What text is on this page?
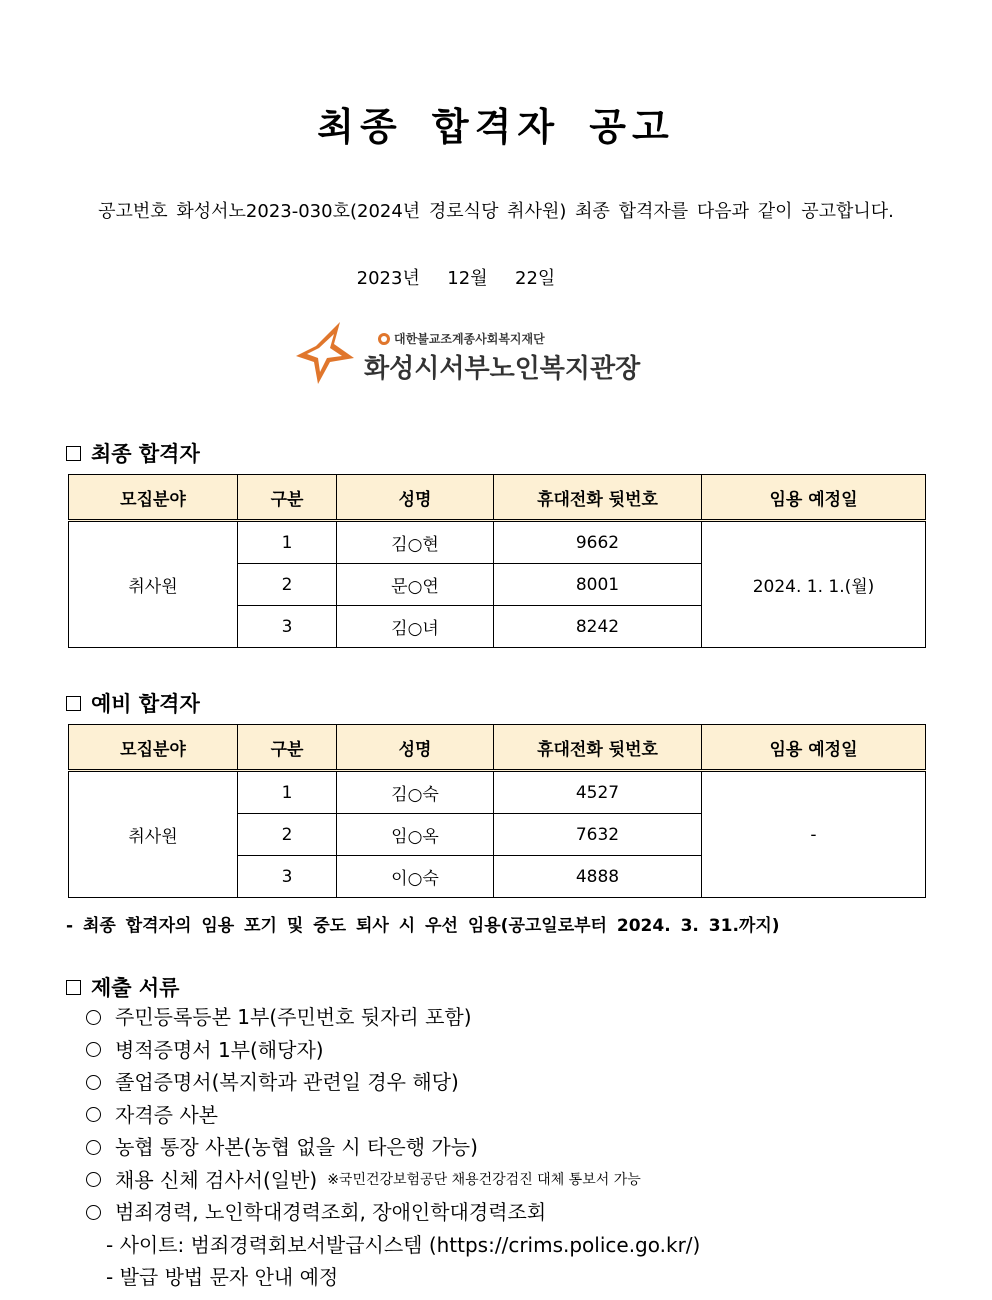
최종 합격자 공고
공고번호 화성서노2023-030호(2024년 경로식당 취사원) 최종 합격자를 다음과 같이 공고합니다.
2023년  12월  22일
대한불교조계종사회복지재단
화성시서부노인복지관장
최종 합격자
모집분야	구분	성명	휴대전화 뒷번호	임용 예정일
취사원	1	김○현	9662	2024. 1. 1.(월)
	2	문○연	8001	
	3	김○녀	8242	
예비 합격자
모집분야	구분	성명	휴대전화 뒷번호	임용 예정일
취사원	1	김○숙	4527	-
	2	임○옥	7632	
	3	이○숙	4888	
- 최종 합격자의 임용 포기 및 중도 퇴사 시 우선 임용(공고일로부터 2024. 3. 31.까지)
제출 서류
주민등록등본 1부(주민번호 뒷자리 포함)
병적증명서 1부(해당자)
졸업증명서(복지학과 관련일 경우 해당)
자격증 사본
농협 통장 사본(농협 없을 시 타은행 가능)
채용 신체 검사서(일반) ※국민건강보험공단 채용건강검진 대체 통보서 가능
범죄경력, 노인학대경력조회, 장애인학대경력조회
- 사이트: 범죄경력회보서발급시스템 (https://crims.police.go.kr/)
- 발급 방법 문자 안내 예정
